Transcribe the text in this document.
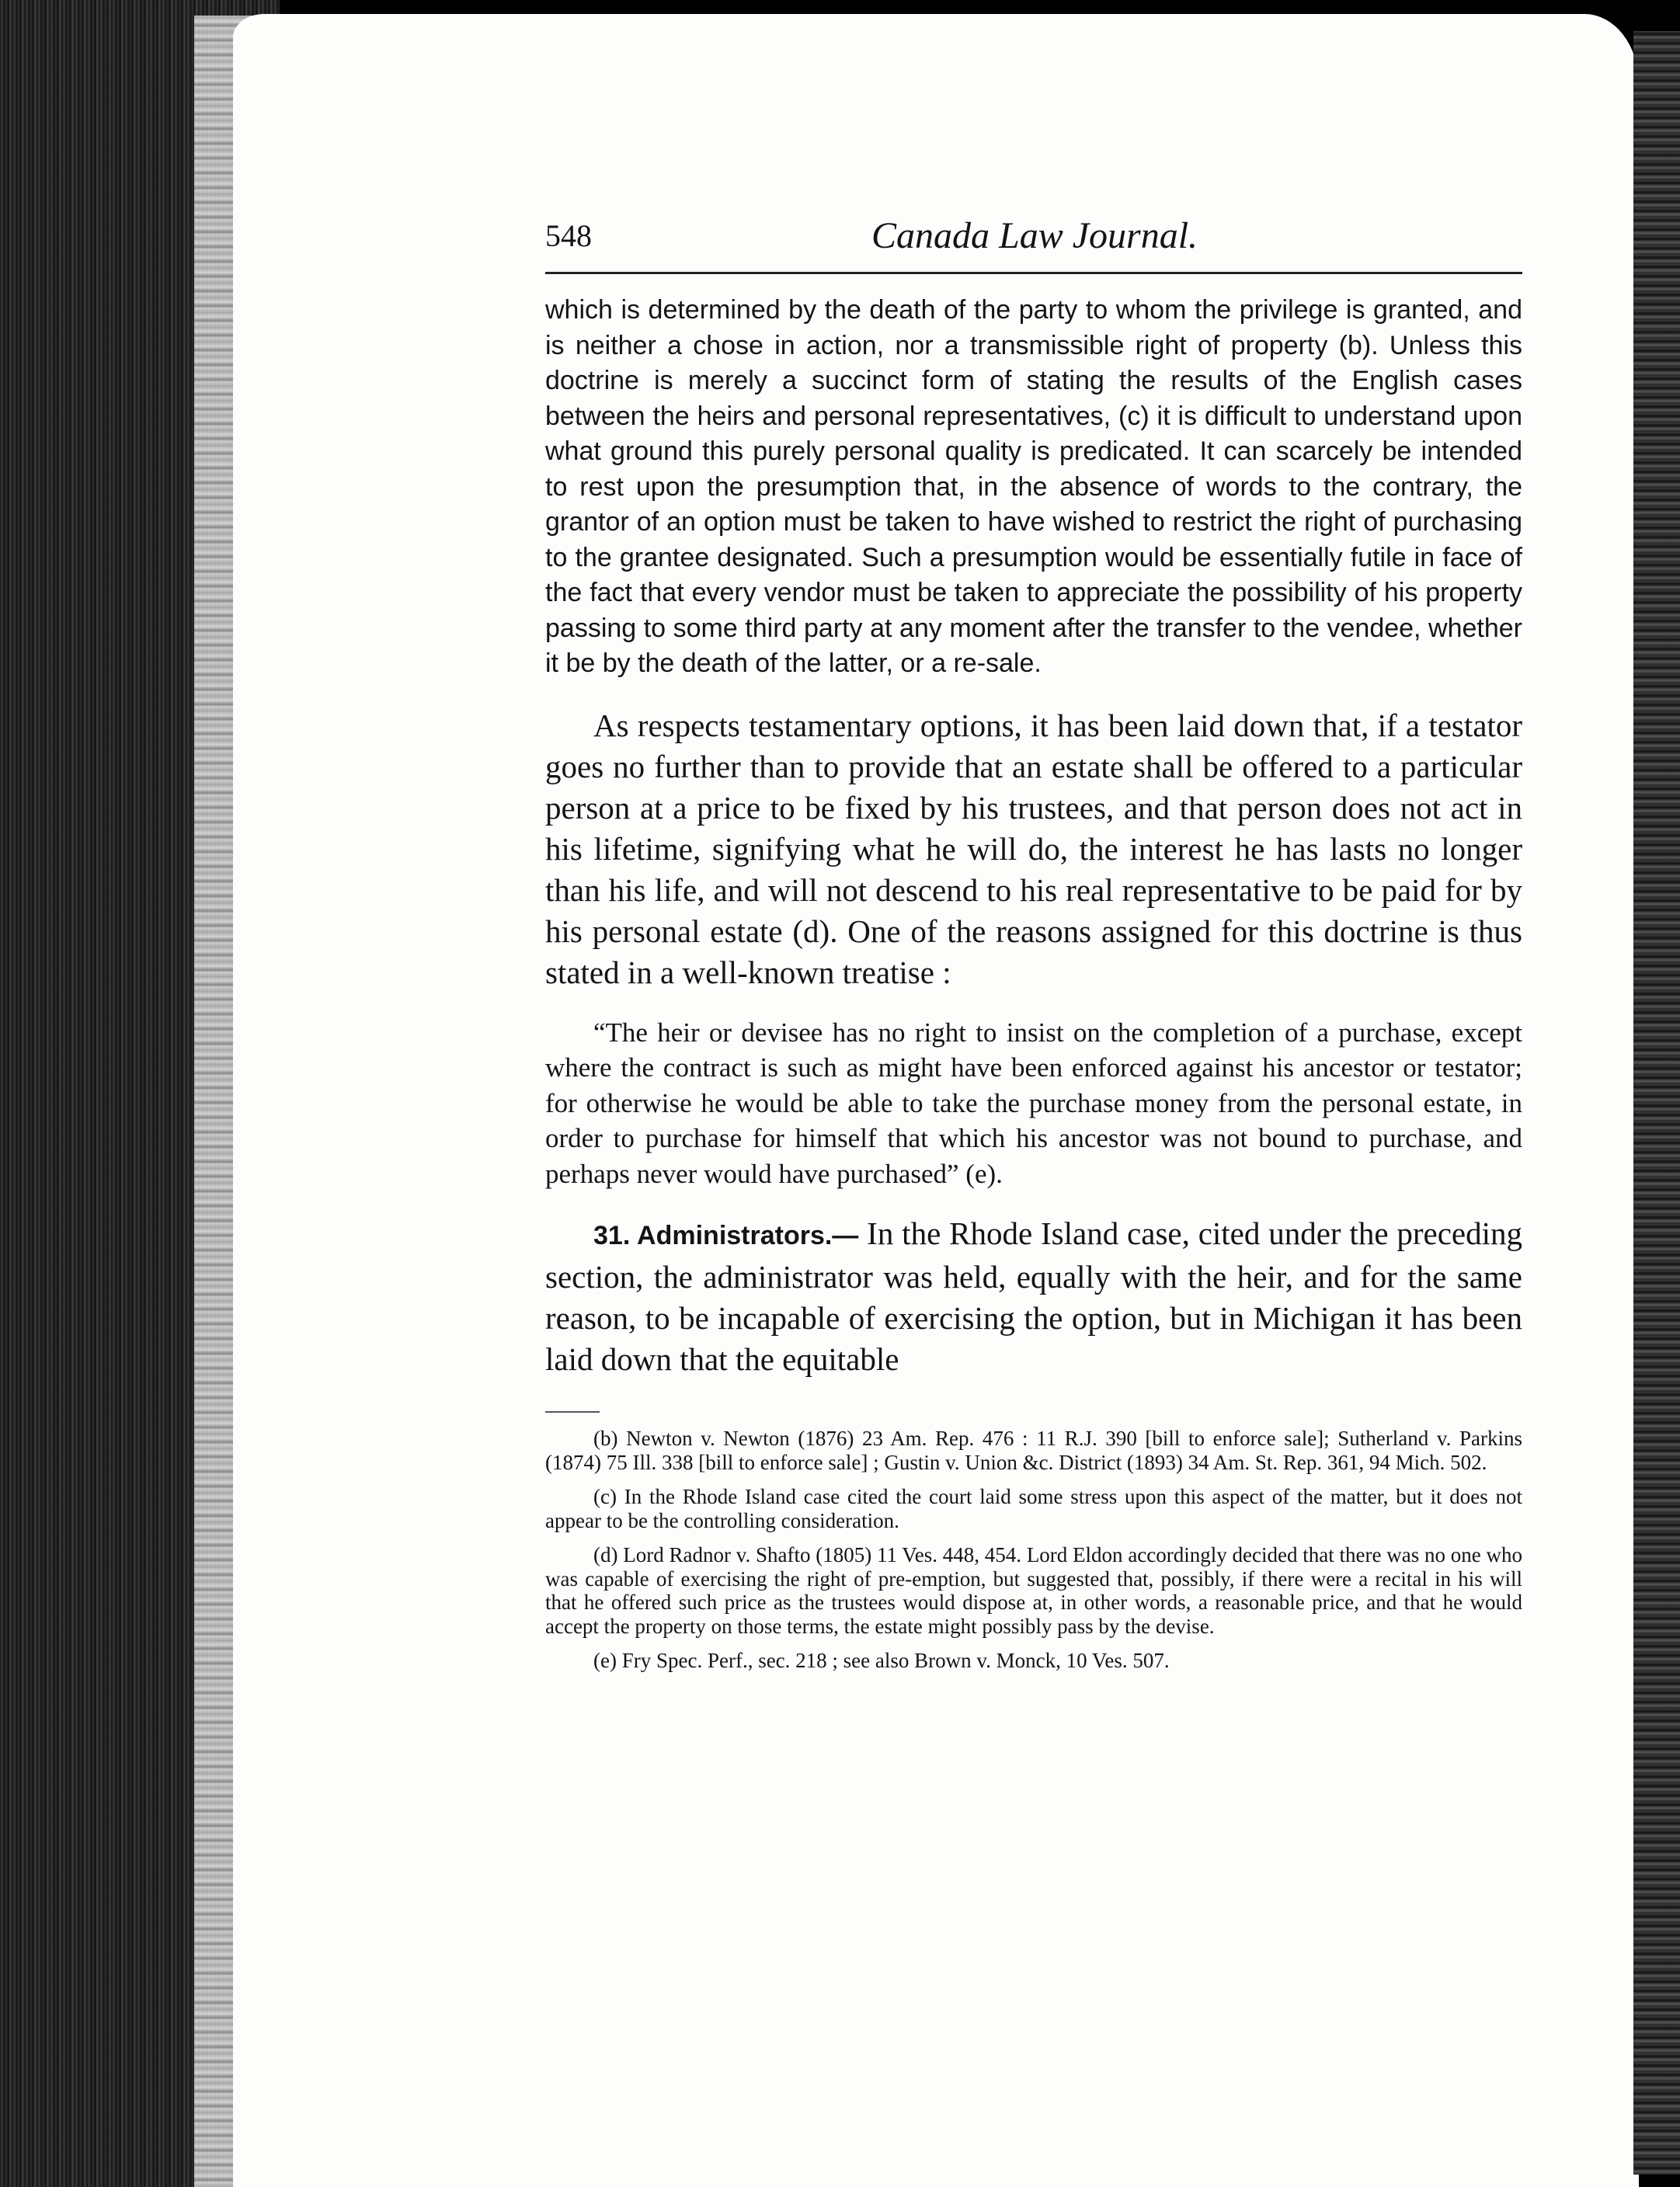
548	Canada Law Journal.

which is determined by the death of the party to whom the privilege is granted, and is neither a chose in action, nor a transmissible right of property (b). Unless this doctrine is merely a succinct form of stating the results of the English cases between the heirs and personal representatives, (c) it is difficult to understand upon what ground this purely personal quality is predicated. It can scarcely be intended to rest upon the presumption that, in the absence of words to the contrary, the grantor of an option must be taken to have wished to restrict the right of purchasing to the grantee designated. Such a presumption would be essentially futile in face of the fact that every vendor must be taken to appreciate the possibility of his property passing to some third party at any moment after the transfer to the vendee, whether it be by the death of the latter, or a re-sale.

As respects testamentary options, it has been laid down that, if a testator goes no further than to provide that an estate shall be offered to a particular person at a price to be fixed by his trustees, and that person does not act in his lifetime, signifying what he will do, the interest he has lasts no longer than his life, and will not descend to his real representative to be paid for by his personal estate (d). One of the reasons assigned for this doctrine is thus stated in a well-known treatise :

“The heir or devisee has no right to insist on the completion of a purchase, except where the contract is such as might have been enforced against his ancestor or testator; for otherwise he would be able to take the purchase money from the personal estate, in order to purchase for himself that which his ancestor was not bound to purchase, and perhaps never would have purchased” (e).

31. Administrators.— In the Rhode Island case, cited under the preceding section, the administrator was held, equally with the heir, and for the same reason, to be incapable of exercising the option, but in Michigan it has been laid down that the equitable

(b) Newton v. Newton (1876) 23 Am. Rep. 476 : 11 R.J. 390 [bill to enforce sale]; Sutherland v. Parkins (1874) 75 Ill. 338 [bill to enforce sale] ; Gustin v. Union &c. District (1893) 34 Am. St. Rep. 361, 94 Mich. 502.

(c) In the Rhode Island case cited the court laid some stress upon this aspect of the matter, but it does not appear to be the controlling consideration.

(d) Lord Radnor v. Shafto (1805) 11 Ves. 448, 454. Lord Eldon accordingly decided that there was no one who was capable of exercising the right of pre-emption, but suggested that, possibly, if there were a recital in his will that he offered such price as the trustees would dispose at, in other words, a reasonable price, and that he would accept the property on those terms, the estate might possibly pass by the devise.

(e) Fry Spec. Perf., sec. 218 ; see also Brown v. Monck, 10 Ves. 507.
